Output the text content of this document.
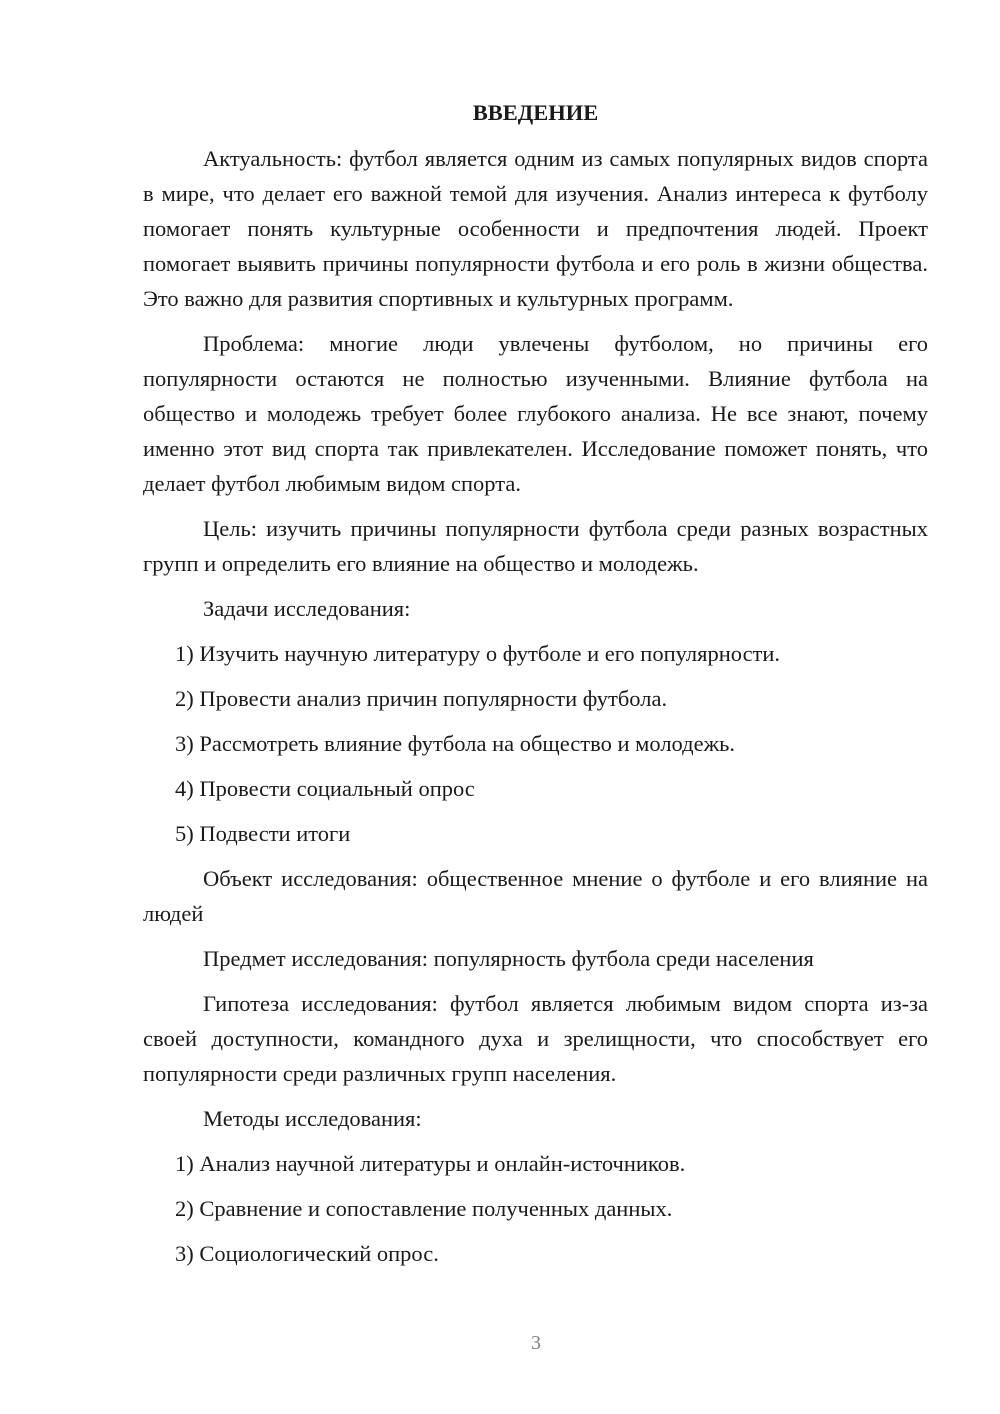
ВВЕДЕНИЕ

Актуальность: футбол является одним из самых популярных видов спорта в мире, что делает его важной темой для изучения. Анализ интереса к футболу помогает понять культурные особенности и предпочтения людей. Проект помогает выявить причины популярности футбола и его роль в жизни общества. Это важно для развития спортивных и культурных программ.

Проблема: многие люди увлечены футболом, но причины его популярности остаются не полностью изученными. Влияние футбола на общество и молодежь требует более глубокого анализа. Не все знают, почему именно этот вид спорта так привлекателен. Исследование поможет понять, что делает футбол любимым видом спорта.

Цель: изучить причины популярности футбола среди разных возрастных групп и определить его влияние на общество и молодежь.

Задачи исследования:

1) Изучить научную литературу о футболе и его популярности.

2) Провести анализ причин популярности футбола.

3) Рассмотреть влияние футбола на общество и молодежь.

4) Провести социальный опрос

5) Подвести итоги

Объект исследования: общественное мнение о футболе и его влияние на людей

Предмет исследования: популярность футбола среди населения

Гипотеза исследования: футбол является любимым видом спорта из-за своей доступности, командного духа и зрелищности, что способствует его популярности среди различных групп населения.

Методы исследования:

1) Анализ научной литературы и онлайн-источников.

2) Сравнение и сопоставление полученных данных.

3) Социологический опрос.

3
